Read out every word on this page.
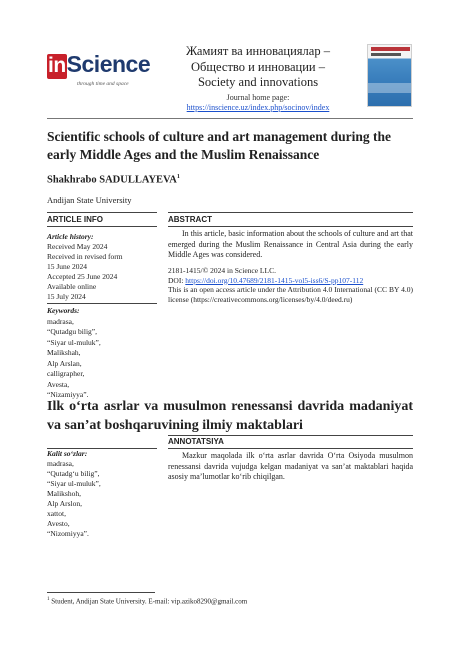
in Science
through time and space
Жамият ва инновациялар –
Общество и инновации –
Society and innovations
Journal home page:
https://inscience.uz/index.php/socinov/index
Scientific schools of culture and art management during the early Middle Ages and the Muslim Renaissance
Shakhrabo SADULLAYEVA$^1$
Andijan State University
ARTICLE INFO	ABSTRACT
Article history:
Received May 2024
Received in revised form
15 June 2024
Accepted 25 June 2024
Available online
15 July 2024
Keywords:
madrasa,
“Qutadgu bilig”,
“Siyar ul-muluk”,
Malikshah,
Alp Arslan,
calligrapher,
Avesta,
“Nizamiyya”.

In this article, basic information about the schools of culture and art that emerged during the Muslim Renaissance in Central Asia during the early Middle Ages was considered.

2181-1415/© 2024 in Science LLC.
DOI: https://doi.org/10.47689/2181-1415-vol5-iss6/S-pp107-112
This is an open access article under the Attribution 4.0 International (CC BY 4.0) license (https://creativecommons.org/licenses/by/4.0/deed.ru)
Ilk o‘rta asrlar va musulmon renessansi davrida madaniyat va san’at boshqaruvining ilmiy maktablari
ANNOTATSIYA
Kalit so‘zlar:
madrasa,
“Qutadg‘u bilig”,
“Siyar ul-muluk”,
Malikshoh,
Alp Arslon,
xattot,
Avesto,
“Nizomiyya”.
Mazkur maqolada ilk o‘rta asrlar davrida O‘rta Osiyoda musulmon renessansi davrida vujudga kelgan madaniyat va san’at maktablari haqida asosiy ma’lumotlar ko‘rib chiqilgan.
$^1$ Student, Andijan State University. E-mail: vip.aziko8290@gmail.com
